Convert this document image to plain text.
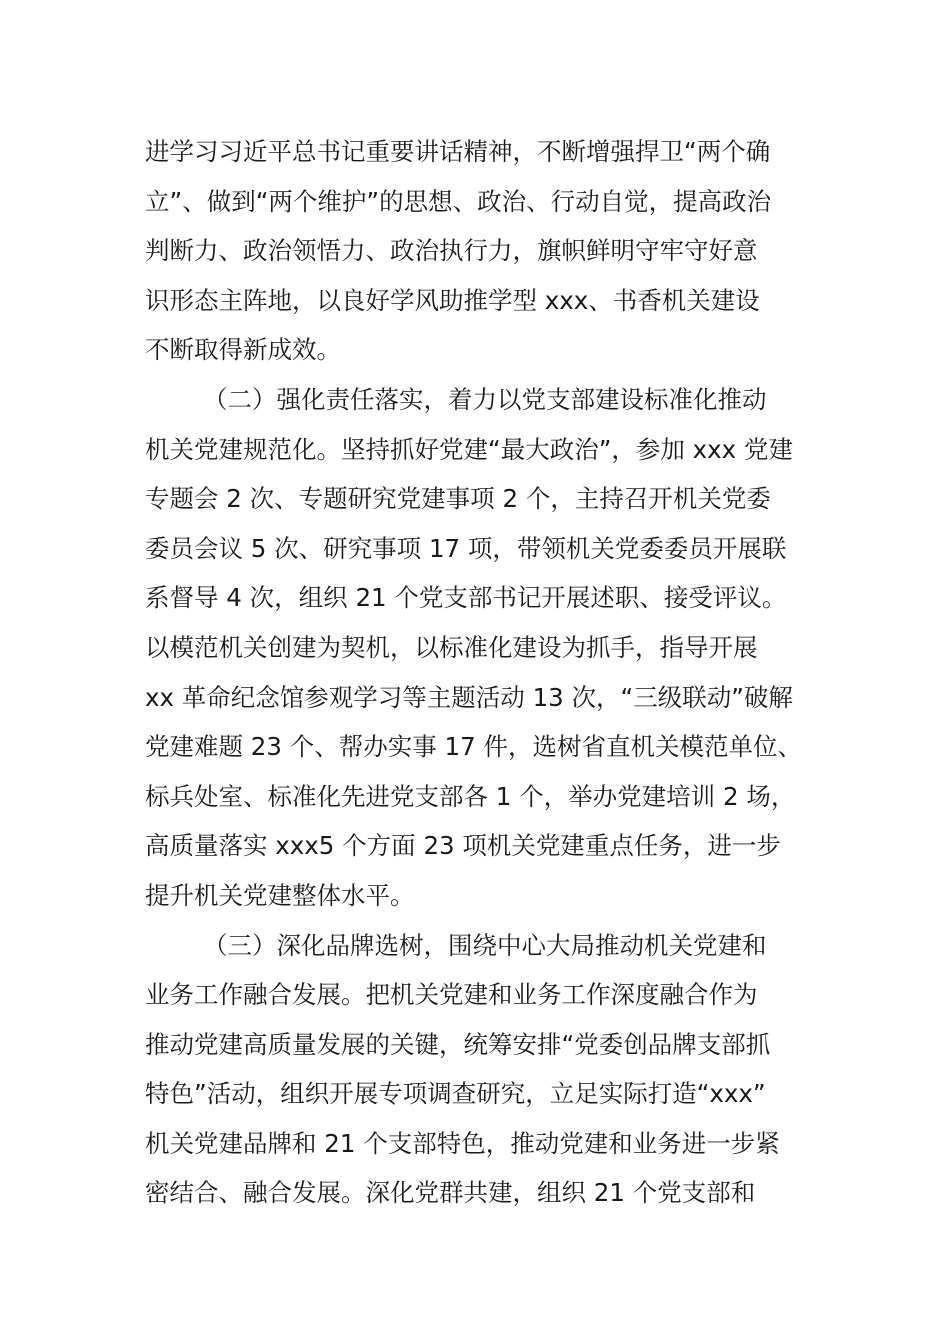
进学习习近平总书记重要讲话精神，不断增强捍卫“两个确
立”、做到“两个维护”的思想、政治、行动自觉，提高政治
判断力、政治领悟力、政治执行力，旗帜鲜明守牢守好意
识形态主阵地，以良好学风助推学型 xxx、书香机关建设
不断取得新成效。
（二）强化责任落实，着力以党支部建设标准化推动
机关党建规范化。坚持抓好党建“最大政治”，参加 xxx 党建
专题会 2 次、专题研究党建事项 2 个，主持召开机关党委
委员会议 5 次、研究事项 17 项，带领机关党委委员开展联
系督导 4 次，组织 21 个党支部书记开展述职、接受评议。
以模范机关创建为契机，以标准化建设为抓手，指导开展
xx 革命纪念馆参观学习等主题活动 13 次，“三级联动”破解
党建难题 23 个、帮办实事 17 件，选树省直机关模范单位、
标兵处室、标准化先进党支部各 1 个，举办党建培训 2 场，
高质量落实 xxx5 个方面 23 项机关党建重点任务，进一步
提升机关党建整体水平。
（三）深化品牌选树，围绕中心大局推动机关党建和
业务工作融合发展。把机关党建和业务工作深度融合作为
推动党建高质量发展的关键，统筹安排“党委创品牌支部抓
特色”活动，组织开展专项调查研究，立足实际打造“xxx”
机关党建品牌和 21 个支部特色，推动党建和业务进一步紧
密结合、融合发展。深化党群共建，组织 21 个党支部和
